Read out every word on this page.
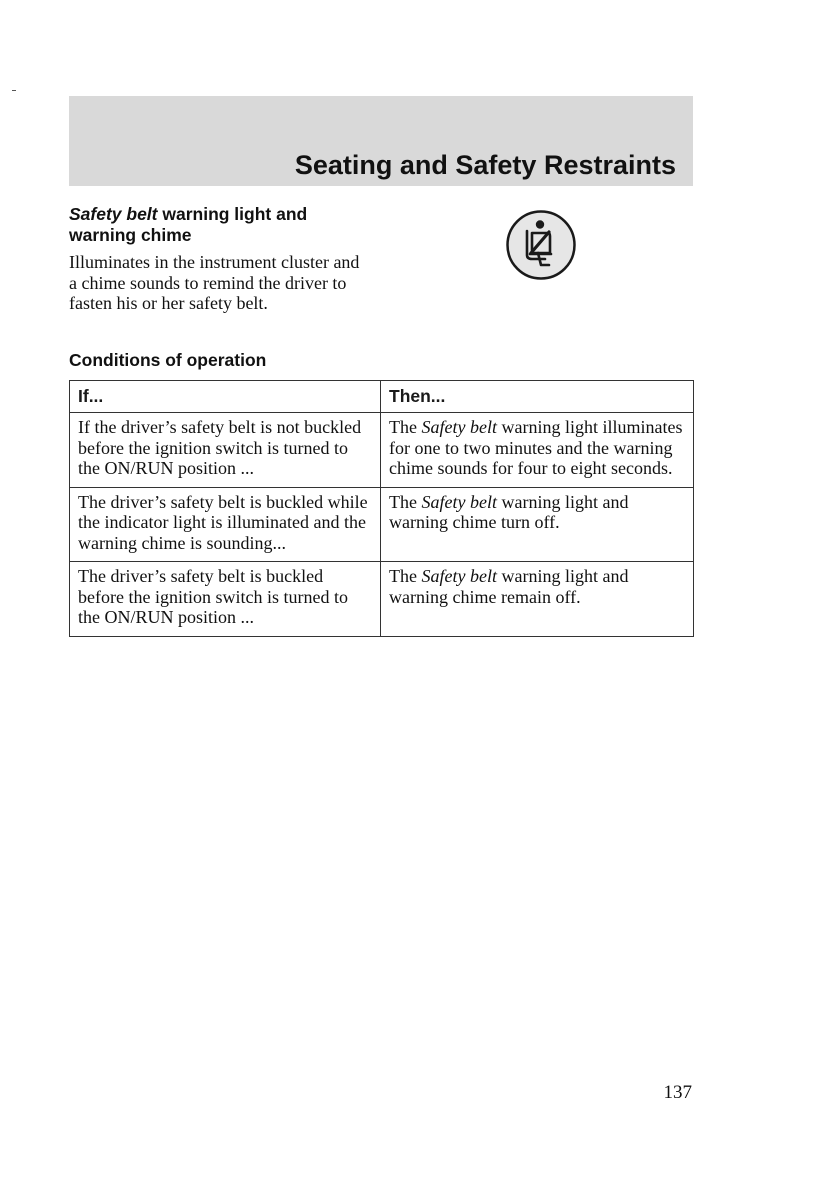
Seating and Safety Restraints
Safety belt warning light and warning chime

Illuminates in the instrument cluster and a chime sounds to remind the driver to fasten his or her safety belt.

Conditions of operation
If...	Then...
If the driver’s safety belt is not buckled before the ignition switch is turned to the ON/RUN position ...	The Safety belt warning light illuminates for one to two minutes and the warning chime sounds for four to eight seconds.
The driver’s safety belt is buckled while the indicator light is illuminated and the warning chime is sounding...	The Safety belt warning light and warning chime turn off.
The driver’s safety belt is buckled before the ignition switch is turned to the ON/RUN position ...	The Safety belt warning light and warning chime remain off.

137
